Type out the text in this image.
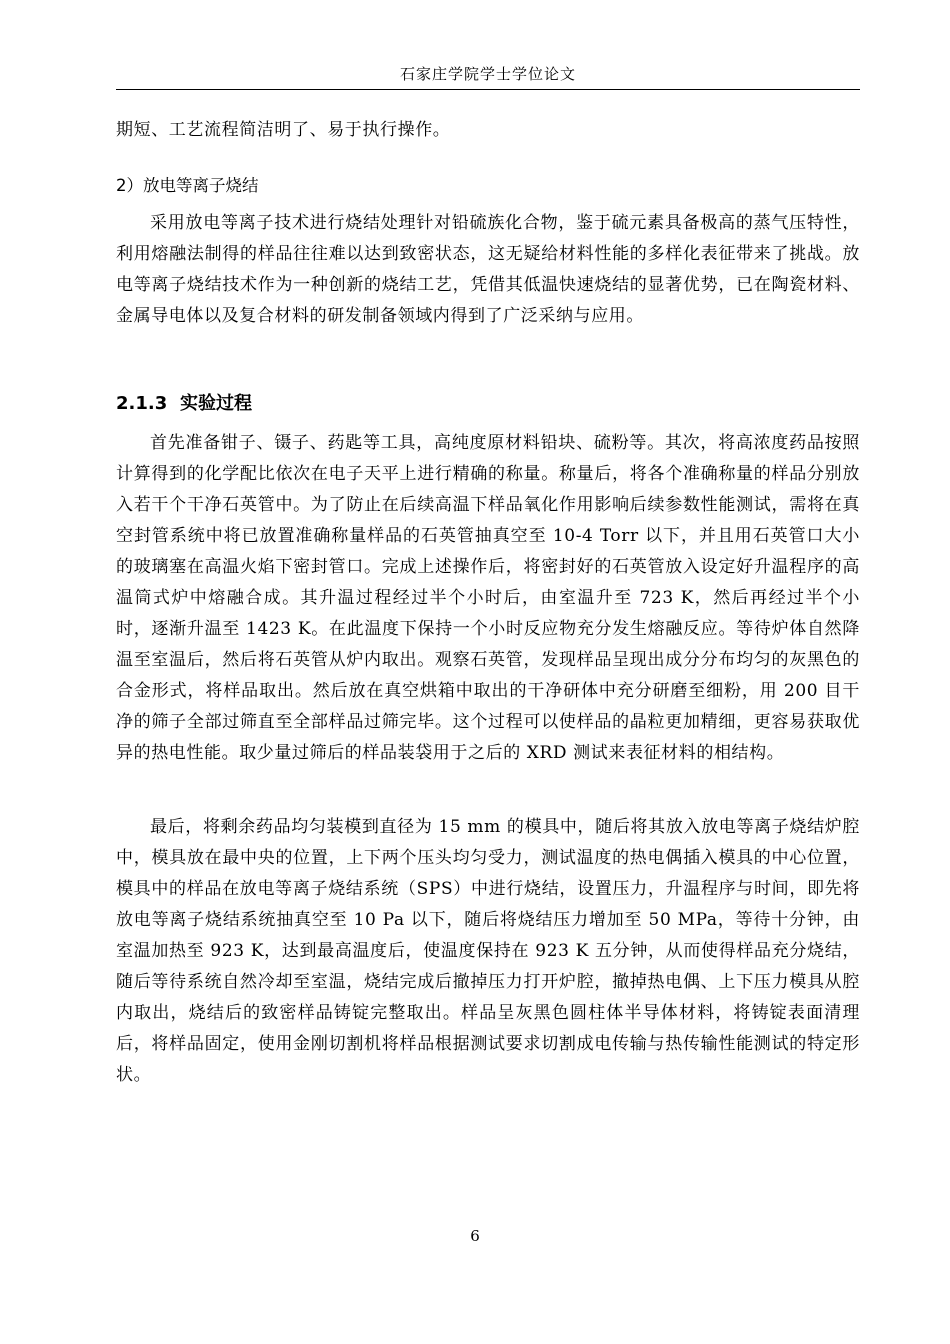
石家庄学院学士学位论文

期短、工艺流程简洁明了、易于执行操作。

2）放电等离子烧结

采用放电等离子技术进行烧结处理针对铅硫族化合物，鉴于硫元素具备极高的蒸气压特性，利用熔融法制得的样品往往难以达到致密状态，这无疑给材料性能的多样化表征带来了挑战。放电等离子烧结技术作为一种创新的烧结工艺，凭借其低温快速烧结的显著优势，已在陶瓷材料、金属导电体以及复合材料的研发制备领域内得到了广泛采纳与应用。

2.1.3 实验过程

首先准备钳子、镊子、药匙等工具，高纯度原材料铅块、硫粉等。其次，将高浓度药品按照计算得到的化学配比依次在电子天平上进行精确的称量。称量后，将各个准确称量的样品分别放入若干个干净石英管中。为了防止在后续高温下样品氧化作用影响后续参数性能测试，需将在真空封管系统中将已放置准确称量样品的石英管抽真空至 10-4 Torr 以下，并且用石英管口大小的玻璃塞在高温火焰下密封管口。完成上述操作后，将密封好的石英管放入设定好升温程序的高温筒式炉中熔融合成。其升温过程经过半个小时后，由室温升至 723 K，然后再经过半个小时，逐渐升温至 1423 K。在此温度下保持一个小时反应物充分发生熔融反应。等待炉体自然降温至室温后，然后将石英管从炉内取出。观察石英管，发现样品呈现出成分分布均匀的灰黑色的合金形式，将样品取出。然后放在真空烘箱中取出的干净研体中充分研磨至细粉，用 200 目干净的筛子全部过筛直至全部样品过筛完毕。这个过程可以使样品的晶粒更加精细，更容易获取优异的热电性能。取少量过筛后的样品装袋用于之后的 XRD 测试来表征材料的相结构。

最后，将剩余药品均匀装模到直径为 15 mm 的模具中，随后将其放入放电等离子烧结炉腔中，模具放在最中央的位置，上下两个压头均匀受力，测试温度的热电偶插入模具的中心位置，模具中的样品在放电等离子烧结系统（SPS）中进行烧结，设置压力，升温程序与时间，即先将放电等离子烧结系统抽真空至 10 Pa 以下，随后将烧结压力增加至 50 MPa，等待十分钟，由室温加热至 923 K，达到最高温度后，使温度保持在 923 K 五分钟，从而使得样品充分烧结，随后等待系统自然冷却至室温，烧结完成后撤掉压力打开炉腔，撤掉热电偶、上下压力模具从腔内取出，烧结后的致密样品铸锭完整取出。样品呈灰黑色圆柱体半导体材料，将铸锭表面清理后，将样品固定，使用金刚切割机将样品根据测试要求切割成电传输与热传输性能测试的特定形状。

6
